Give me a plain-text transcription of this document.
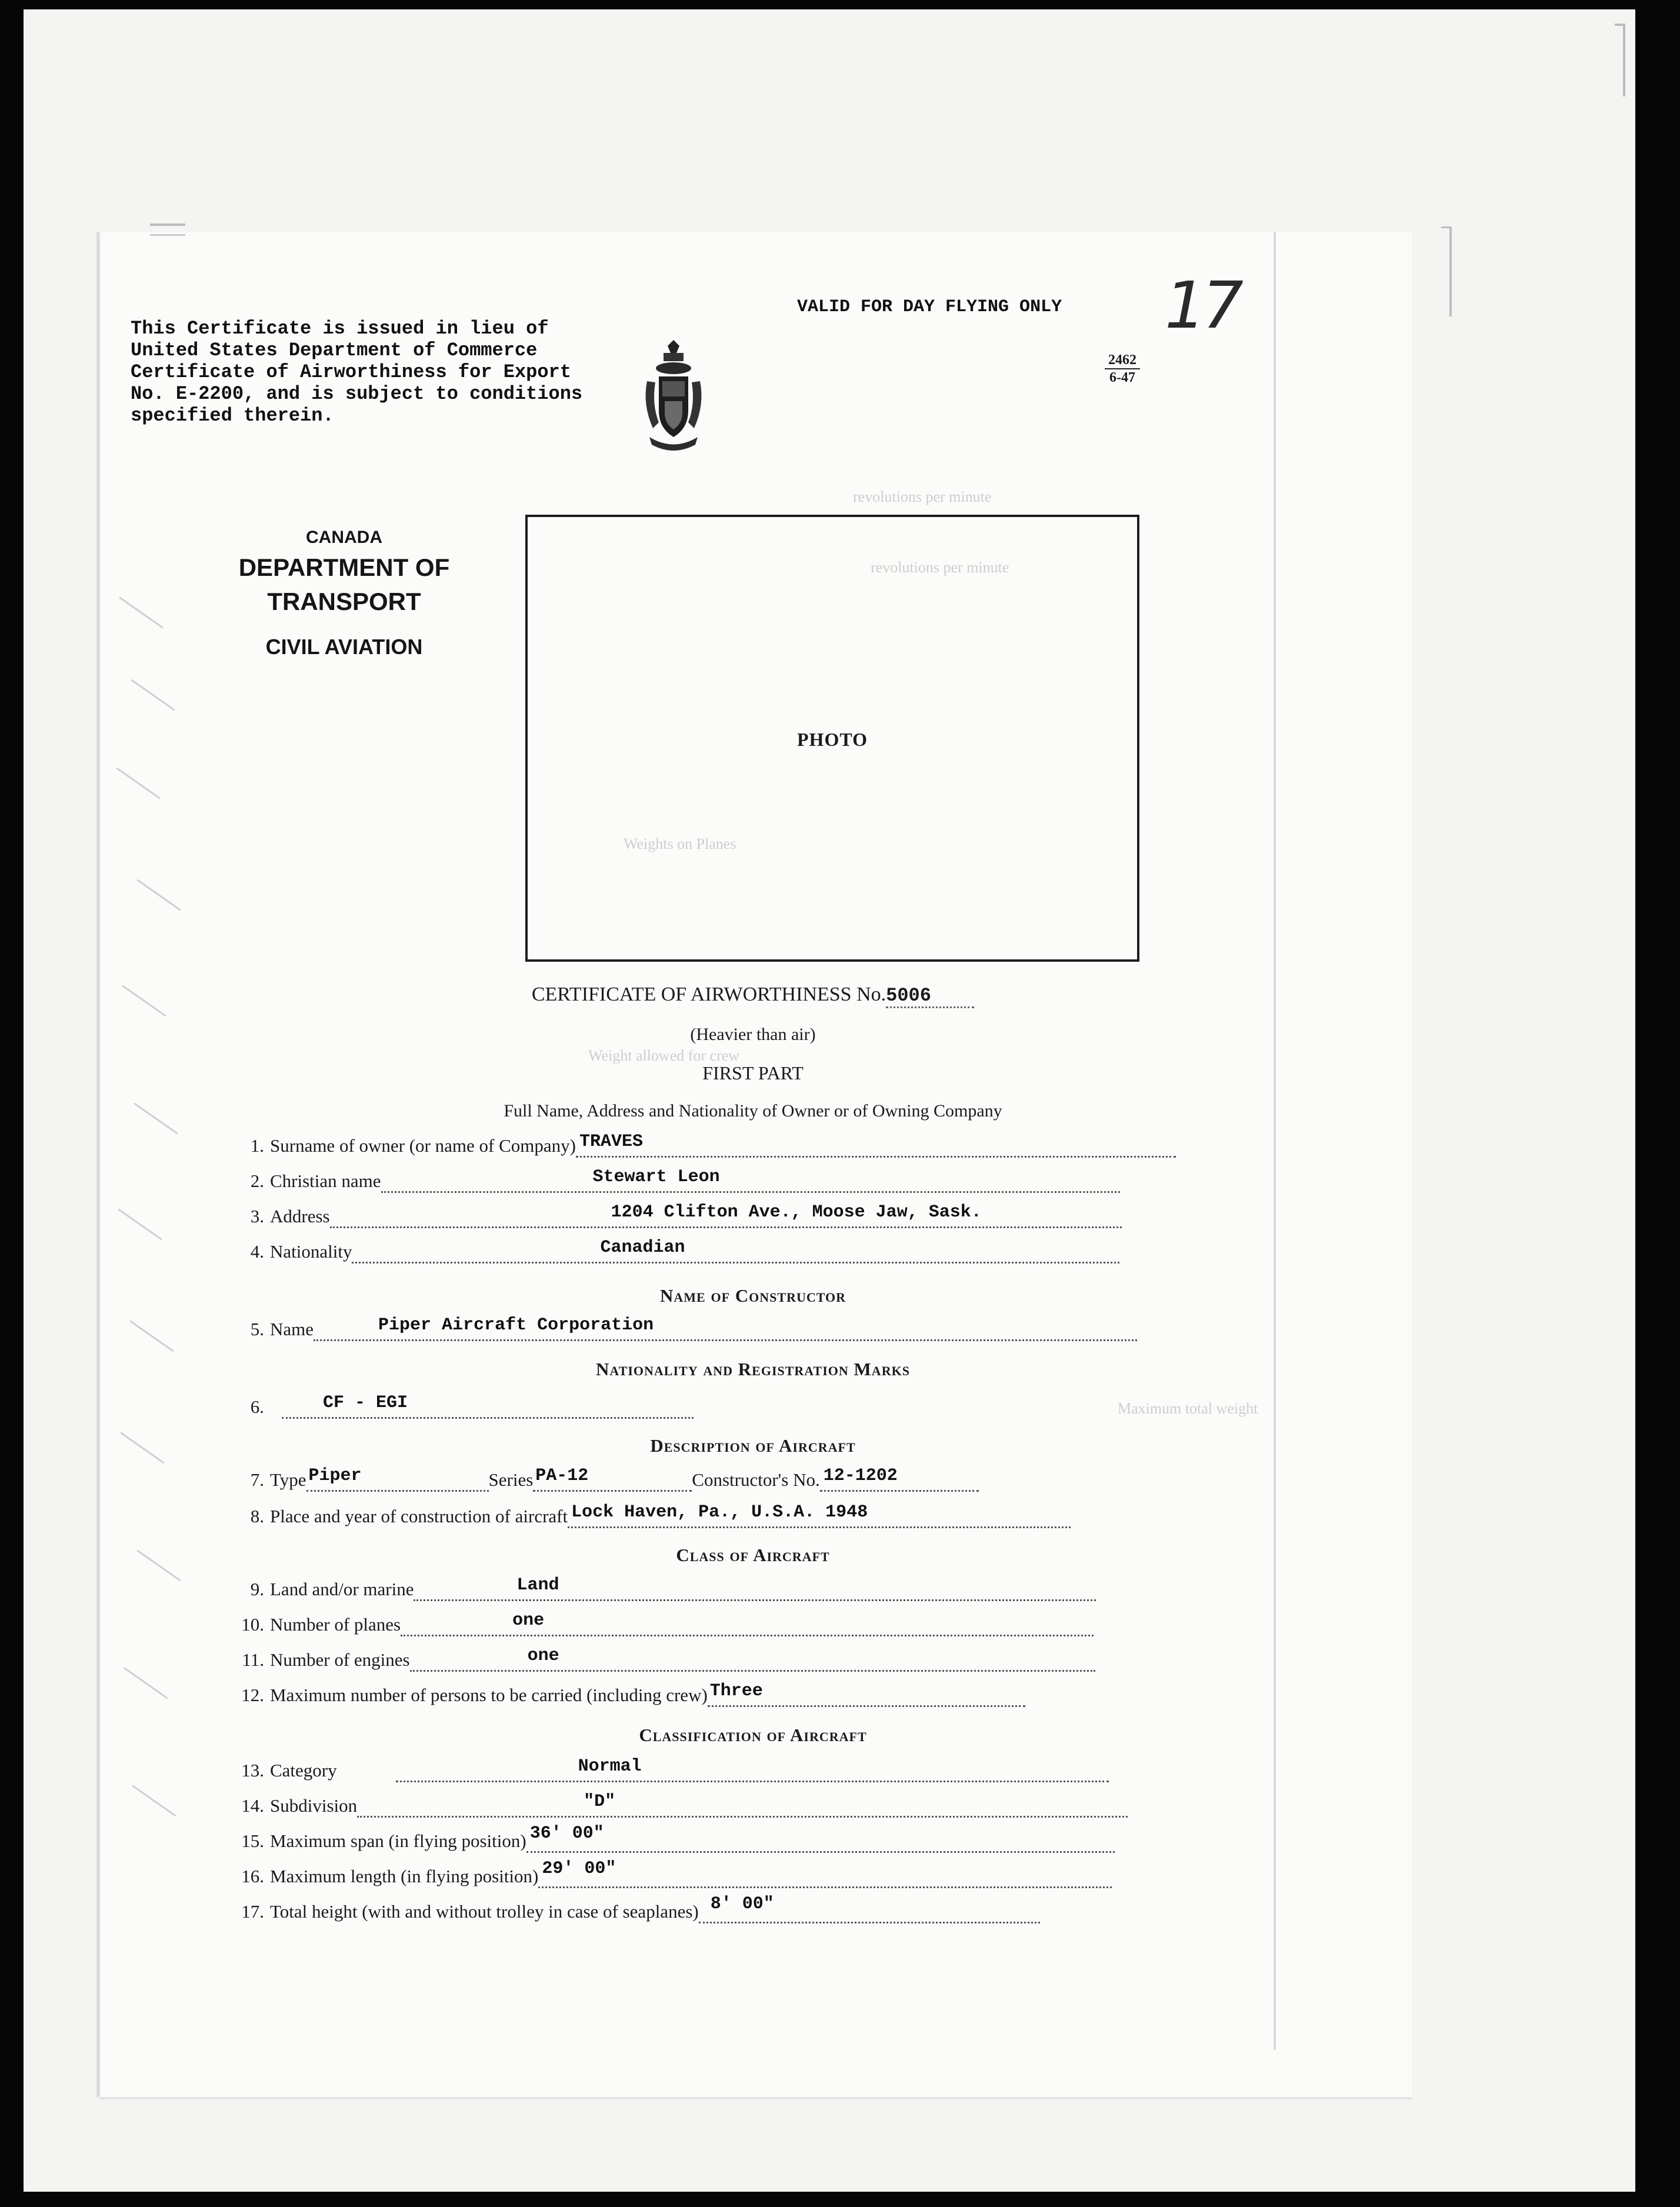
revolutions per minute
revolutions per minute
Weights on Planes
Weight allowed for crew
Maximum total weight
This Certificate is issued in lieu of
United States Department of Commerce
Certificate of Airworthiness for Export
No. E-2200, and is subject to conditions
specified therein.
VALID FOR DAY FLYING ONLY 17
2462
6-47
CANADA
DEPARTMENT OF TRANSPORT
CIVIL AVIATION
PHOTO
CERTIFICATE OF AIRWORTHINESS No.5006
(Heavier than air)
FIRST PART
Full Name, Address and Nationality of Owner or of Owning Company
1. Surname of owner (or name of Company) TRAVES
2. Christian name	Stewart Leon
3. Address	1204 Clifton Ave., Moose Jaw, Sask.
4. Nationality	Canadian
Name of Constructor
5. Name	Piper Aircraft Corporation
Nationality and Registration Marks
6.	CF - EGI
Description of Aircraft
7. Type Piper	Series PA-12	Constructor's No. 12-1202
8. Place and year of construction of aircraft Lock Haven, Pa., U.S.A. 1948
Class of Aircraft
9. Land and/or marine	Land
10. Number of planes	one
11. Number of engines	one
12. Maximum number of persons to be carried (including crew) Three
Classification of Aircraft
13. Category	Normal
14. Subdivision	"D"
15. Maximum span (in flying position) 36' 00"
16. Maximum length (in flying position) 29' 00"
17. Total height (with and without trolley in case of seaplanes) 8' 00"
